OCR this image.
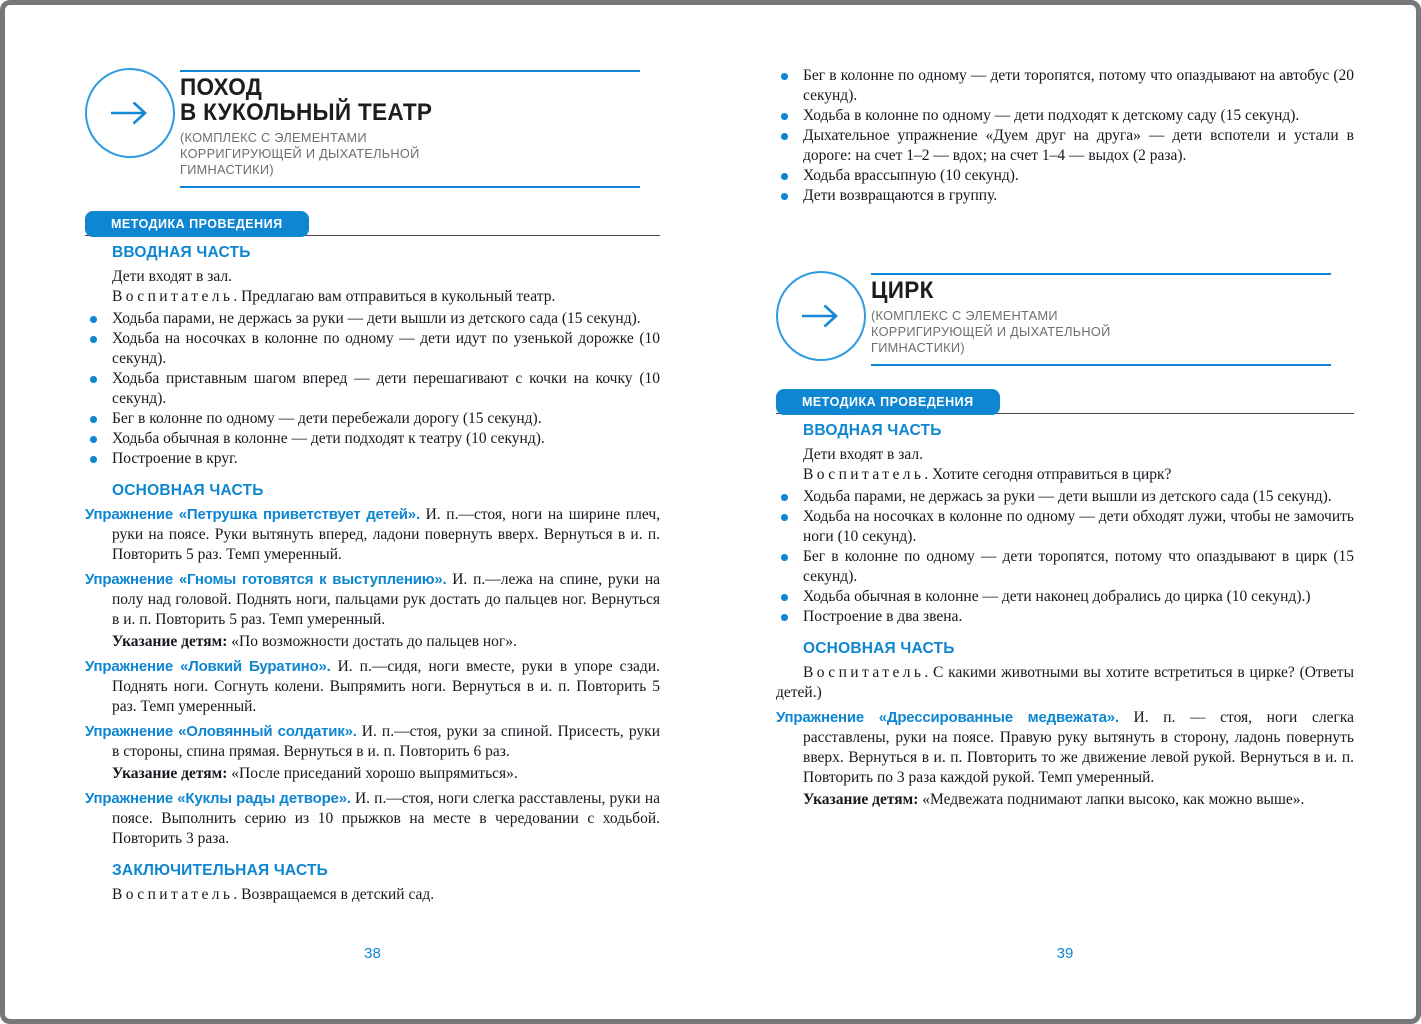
ПОХОД
В КУКОЛЬНЫЙ ТЕАТР
(КОМПЛЕКС С ЭЛЕМЕНТАМИ
КОРРИГИРУЮЩЕЙ И ДЫХАТЕЛЬНОЙ
ГИМНАСТИКИ)
МЕТОДИКА ПРОВЕДЕНИЯ
ВВОДНАЯ ЧАСТЬ

Дети входят в зал.

Воспитатель. Предлагаю вам отправиться в кукольный театр.

Ходьба парами, не держась за руки — дети вышли из детского сада (15 секунд).
Ходьба на носочках в колонне по одному — дети идут по узенькой дорожке (10 секунд).
Ходьба приставным шагом вперед — дети перешагивают с кочки на кочку (10 секунд).
Бег в колонне по одному — дети перебежали дорогу (15 секунд).
Ходьба обычная в колонне — дети подходят к театру (10 секунд).
Построение в круг.
ОСНОВНАЯ ЧАСТЬ

Упражнение «Петрушка приветствует детей». И. п.—стоя, ноги на ширине плеч, руки на поясе. Руки вытянуть вперед, ладони повернуть вверх. Вернуться в и. п. Повторить 5 раз. Темп умеренный.

Упражнение «Гномы готовятся к выступлению». И. п.—лежа на спине, руки на полу над головой. Поднять ноги, пальцами рук достать до пальцев ног. Вернуться в и. п. Повторить 5 раз. Темп умеренный.

Указание детям: «По возможности достать до пальцев ног».

Упражнение «Ловкий Буратино». И. п.—сидя, ноги вместе, руки в упоре сзади. Поднять ноги. Согнуть колени. Выпрямить ноги. Вернуться в и. п. Повторить 5 раз. Темп умеренный.

Упражнение «Оловянный солдатик». И. п.—стоя, руки за спиной. Присесть, руки в стороны, спина прямая. Вернуться в и. п. Повторить 6 раз.

Указание детям: «После приседаний хорошо выпрямиться».

Упражнение «Куклы рады детворе». И. п.—стоя, ноги слегка расставлены, руки на поясе. Выполнить серию из 10 прыжков на месте в чередовании с ходьбой. Повторить 3 раза.

ЗАКЛЮЧИТЕЛЬНАЯ ЧАСТЬ

Воспитатель. Возвращаемся в детский сад.

38
Бег в колонне по одному — дети торопятся, потому что опаздывают на автобус (20 секунд).
Ходьба в колонне по одному — дети подходят к детскому саду (15 секунд).
Дыхательное упражнение «Дуем друг на друга» — дети вспотели и устали в дороге: на счет 1–2 — вдох; на счет 1–4 — выдох (2 раза).
Ходьба врассыпную (10 секунд).
Дети возвращаются в группу.
ЦИРК
(КОМПЛЕКС С ЭЛЕМЕНТАМИ
КОРРИГИРУЮЩЕЙ И ДЫХАТЕЛЬНОЙ
ГИМНАСТИКИ)
МЕТОДИКА ПРОВЕДЕНИЯ
ВВОДНАЯ ЧАСТЬ

Дети входят в зал.

Воспитатель. Хотите сегодня отправиться в цирк?

Ходьба парами, не держась за руки — дети вышли из детского сада (15 секунд).
Ходьба на носочках в колонне по одному — дети обходят лужи, чтобы не замочить ноги (10 секунд).
Бег в колонне по одному — дети торопятся, потому что опаздывают в цирк (15 секунд).
Ходьба обычная в колонне — дети наконец добрались до цирка (10 секунд).)
Построение в два звена.
ОСНОВНАЯ ЧАСТЬ

Воспитатель. С какими животными вы хотите встретиться в цирке? (Ответы детей.)

Упражнение «Дрессированные медвежата». И. п. — стоя, ноги слегка расставлены, руки на поясе. Правую руку вытянуть в сторону, ладонь повернуть вверх. Вернуться в и. п. Повторить то же движение левой рукой. Вернуться в и. п. Повторить по 3 раза каждой рукой. Темп умеренный.

Указание детям: «Медвежата поднимают лапки высоко, как можно выше».

39
